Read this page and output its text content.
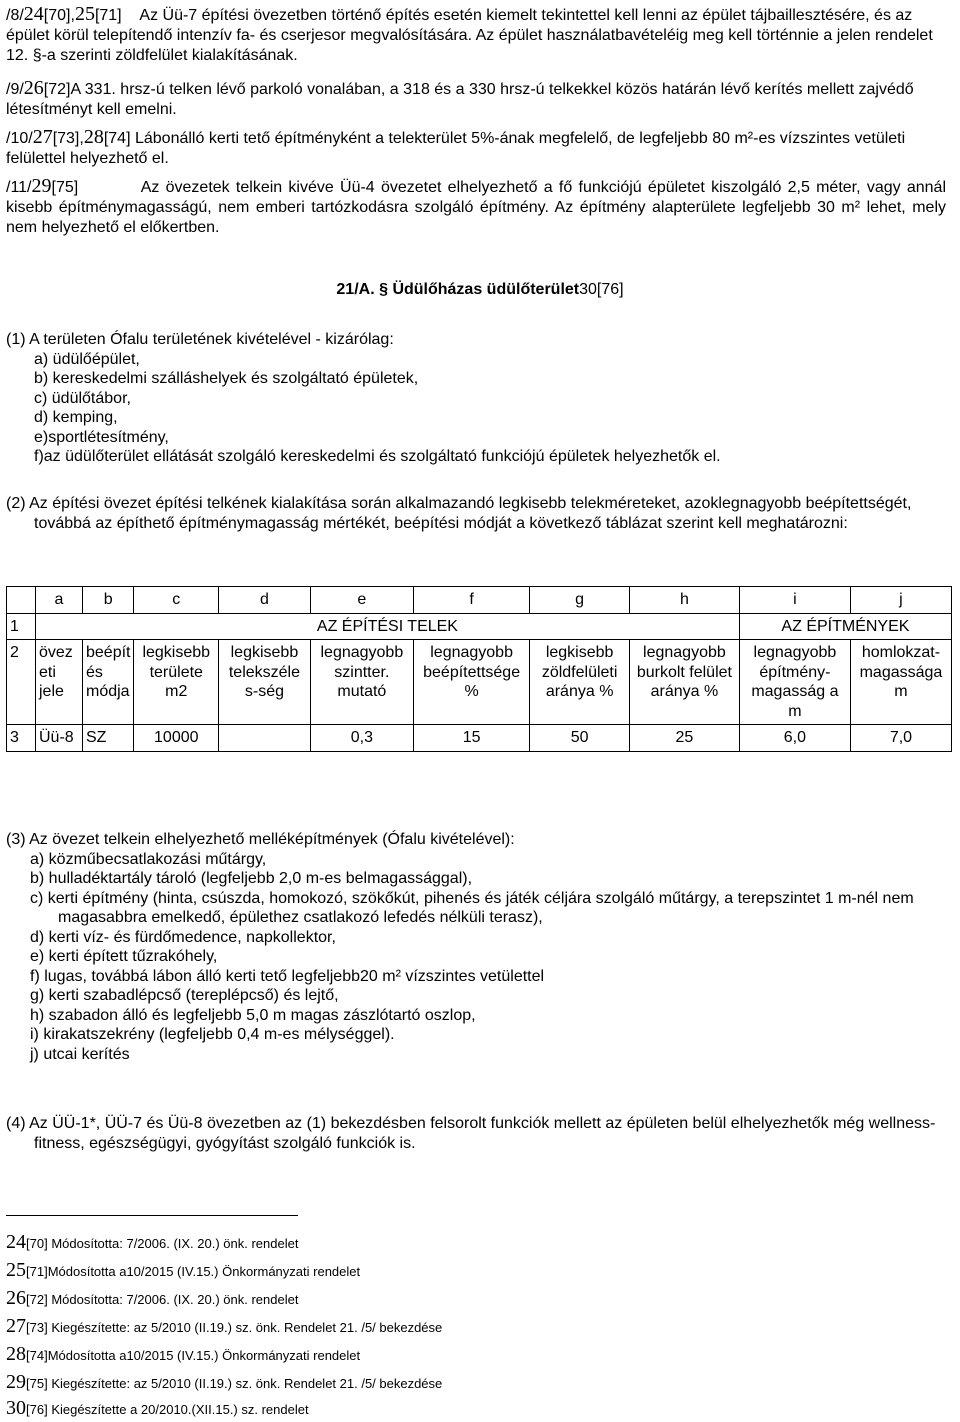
/8/24[70],25[71] Az Üü-7 építési övezetben történő építés esetén kiemelt tekintettel kell lenni az épület tájbaillesztésére, és az épület körül telepítendő intenzív fa- és cserjesor megvalósítására. Az épület használatbavételéig meg kell történnie a jelen rendelet 12. §-a szerinti zöldfelület kialakításának.

/9/26[72]A 331. hrsz-ú telken lévő parkoló vonalában, a 318 és a 330 hrsz-ú telkekkel közös határán lévő kerítés mellett zajvédő létesítményt kell emelni.

/10/27[73],28[74] Lábonálló kerti tető építményként a telekterület 5%-ának megfelelő, de legfeljebb 80 m²-es vízszintes vetületi felülettel helyezhető el.

/11/29[75]	Az övezetek telkein kivéve Üü-4 övezetet elhelyezhető a fő funkciójú épületet kiszolgáló 2,5 méter, vagy annál kisebb építménymagasságú, nem emberi tartózkodásra szolgáló építmény. Az építmény alapterülete legfeljebb 30 m² lehet, mely nem helyezhető el előkertben.

21/A. § Üdülőházas üdülőterület30[76]
(1) A területen Ófalu területének kivételével - kizárólag:
a) üdülőépület,
b) kereskedelmi szálláshelyek és szolgáltató épületek,
c) üdülőtábor,
d) kemping,
e)sportlétesítmény,
f)az üdülőterület ellátását szolgáló kereskedelmi és szolgáltató funkciójú épületek helyezhetők el.

(2) Az építési övezet építési telkének kialakítása során alkalmazandó legkisebb telekméreteket, azoklegnagyobb beépítettségét, továbbá az építhető építménymagasság mértékét, beépítési módját a következő táblázat szerint kell meghatározni:

	a	b	c	d	e	f	g	h	i	j
1	AZ ÉPÍTÉSI TELEK								AZ ÉPÍTMÉNYEK	
2	övez eti jele	beépít és módja	legkisebb területe m2	legkisebb telekszéle s-ség	legnagyobb szintter. mutató	legnagyobb beépítettsége %	legkisebb zöldfelületi aránya %	legnagyobb burkolt felület aránya %	legnagyobb építmény-magasság a m	homlokzat-magassága m
3	Üü-8	SZ	10000		0,3	15	50	25	6,0	7,0
(3) Az övezet telkein elhelyezhető melléképítmények (Ófalu kivételével):
a) közműbecsatlakozási műtárgy,
b) hulladéktartály tároló (legfeljebb 2,0 m-es belmagassággal),
c) kerti építmény (hinta, csúszda, homokozó, szökőkút, pihenés és játék céljára szolgáló műtárgy, a terepszintet 1 m-nél nem magasabbra emelkedő, épülethez csatlakozó lefedés nélküli terasz),
d) kerti víz- és fürdőmedence, napkollektor,
e) kerti épített tűzrakóhely,
f) lugas, továbbá lábon álló kerti tető legfeljebb20 m² vízszintes vetülettel
g) kerti szabadlépcső (tereplépcső) és lejtő,
h) szabadon álló és legfeljebb 5,0 m magas zászlótartó oszlop,
i) kirakatszekrény (legfeljebb 0,4 m-es mélységgel).
j) utcai kerítés

(4) Az ÜÜ-1*, ÜÜ-7 és Üü-8 övezetben az (1) bekezdésben felsorolt funkciók mellett az épületen belül elhelyezhetők még wellness-fitness, egészségügyi, gyógyítást szolgáló funkciók is.

24[70] Módosította: 7/2006. (IX. 20.) önk. rendelet
25[71]Módosította a10/2015 (IV.15.) Önkormányzati rendelet
26[72] Módosította: 7/2006. (IX. 20.) önk. rendelet
27[73] Kiegészítette: az 5/2010 (II.19.) sz. önk. Rendelet 21. /5/ bekezdése
28[74]Módosította a10/2015 (IV.15.) Önkormányzati rendelet
29[75] Kiegészítette: az 5/2010 (II.19.) sz. önk. Rendelet 21. /5/ bekezdése
30[76] Kiegészítette a 20/2010.(XII.15.) sz. rendelet
